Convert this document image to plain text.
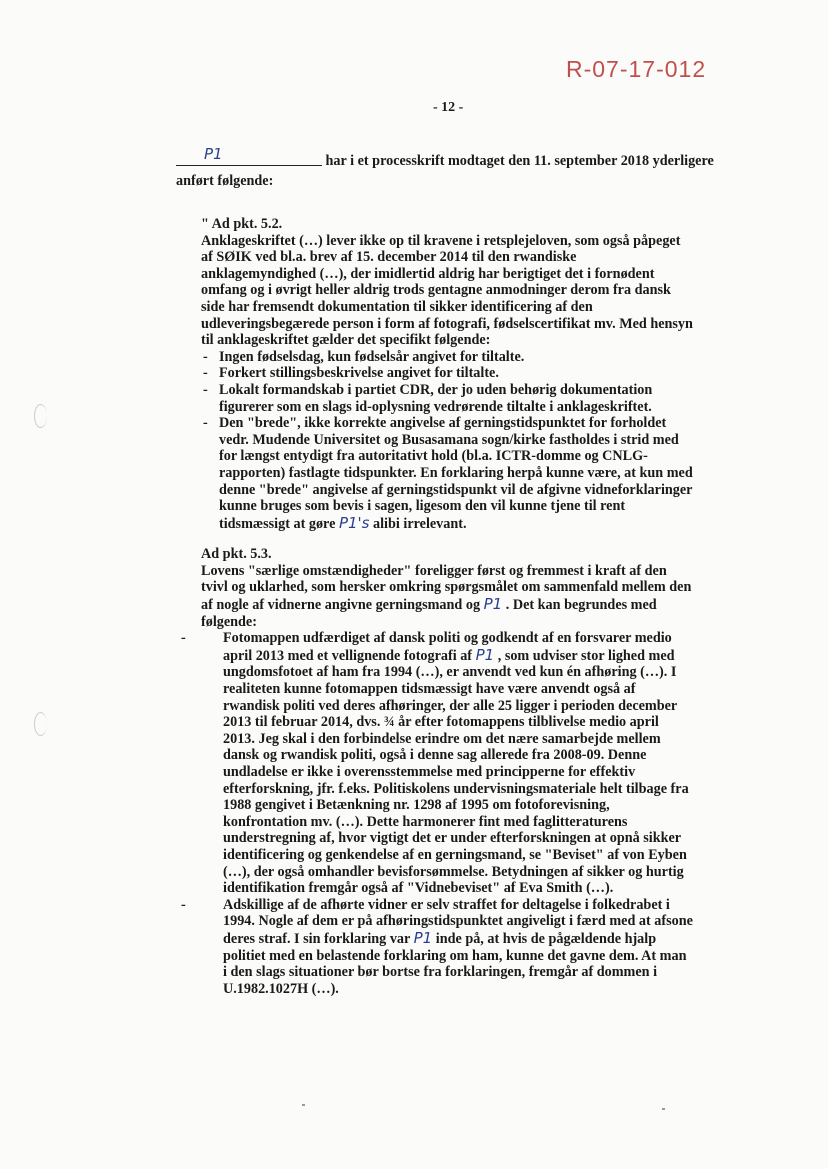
R-07-17-012
- 12 -
P1	har i et processkrift modtaget den 11. september 2018 yderligere anført følgende:

" Ad pkt. 5.2.

Anklageskriftet (…) lever ikke op til kravene i retsplejeloven, som også påpeget af SØIK ved bl.a. brev af 15. december 2014 til den rwandiske anklagemyndighed (…), der imidlertid aldrig har berigtiget det i fornødent omfang og i øvrigt heller aldrig trods gentagne anmodninger derom fra dansk side har fremsendt dokumentation til sikker identificering af den udleveringsbegærede person i form af fotografi, fødselscertifikat mv. Med hensyn til anklageskriftet gælder det specifikt følgende:

- Ingen fødselsdag, kun fødselsår angivet for tiltalte.
- Forkert stillingsbeskrivelse angivet for tiltalte.
- Lokalt formandskab i partiet CDR, der jo uden behørig dokumentation figurerer som en slags id-oplysning vedrørende tiltalte i anklageskriftet.
- Den "brede", ikke korrekte angivelse af gerningstidspunktet for forholdet vedr. Mudende Universitet og Busasamana sogn/kirke fastholdes i strid med for længst entydigt fra autoritativt hold (bl.a. ICTR-domme og CNLG-rapporten) fastlagte tidspunkter. En forklaring herpå kunne være, at kun med denne "brede" angivelse af gerningstidspunkt vil de afgivne vidneforklaringer kunne bruges som bevis i sagen, ligesom den vil kunne tjene til rent tidsmæssigt at gøre P1's alibi irrelevant.

Ad pkt. 5.3.

Lovens "særlige omstændigheder" foreligger først og fremmest i kraft af den tvivl og uklarhed, som hersker omkring spørgsmålet om sammenfald mellem den af nogle af vidnerne angivne gerningsmand og P1 . Det kan begrundes med følgende:

-	Fotomappen udfærdiget af dansk politi og godkendt af en forsvarer medio april 2013 med et vellignende fotografi af P1 , som udviser stor lighed med ungdomsfotoet af ham fra 1994 (…), er anvendt ved kun én afhøring (…). I realiteten kunne fotomappen tidsmæssigt have være anvendt også af rwandisk politi ved deres afhøringer, der alle 25 ligger i perioden december 2013 til februar 2014, dvs. ¾ år efter fotomappens tilblivelse medio april 2013. Jeg skal i den forbindelse erindre om det nære samarbejde mellem dansk og rwandisk politi, også i denne sag allerede fra 2008-09. Denne undladelse er ikke i overensstemmelse med principperne for effektiv efterforskning, jfr. f.eks. Politiskolens undervisningsmateriale helt tilbage fra 1988 gengivet i Betænkning nr. 1298 af 1995 om fotoforevisning, konfrontation mv. (…). Dette harmonerer fint med faglitteraturens understregning af, hvor vigtigt det er under efterforskningen at opnå sikker identificering og genkendelse af en gerningsmand, se "Beviset" af von Eyben (…), der også omhandler bevisforsømmelse. Betydningen af sikker og hurtig identifikation fremgår også af "Vidnebeviset" af Eva Smith (…).
-	Adskillige af de afhørte vidner er selv straffet for deltagelse i folkedrabet i 1994. Nogle af dem er på afhøringstidspunktet angiveligt i færd med at afsone deres straf. I sin forklaring var P1 inde på, at hvis de pågældende hjalp politiet med en belastende forklaring om ham, kunne det gavne dem. At man i den slags situationer bør bortse fra forklaringen, fremgår af dommen i U.1982.1027H (…).
